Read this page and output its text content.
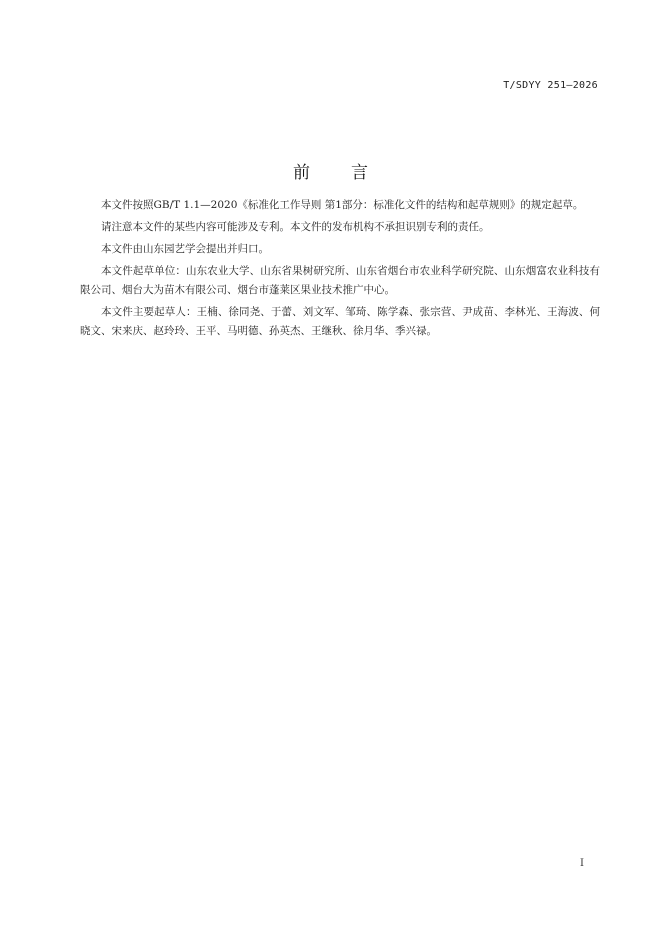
T/SDYY 251—2026
前 言

本文件按照GB/T 1.1—2020《标准化工作导则 第1部分：标准化文件的结构和起草规则》的规定起草。

请注意本文件的某些内容可能涉及专利。本文件的发布机构不承担识别专利的责任。

本文件由山东园艺学会提出并归口。

本文件起草单位：山东农业大学、山东省果树研究所、山东省烟台市农业科学研究院、山东烟富农业科技有限公司、烟台大为苗木有限公司、烟台市蓬莱区果业技术推广中心。

本文件主要起草人：王楠、徐同尧、于蕾、刘文军、邹琦、陈学森、张宗营、尹成苗、李林光、王海波、何晓文、宋来庆、赵玲玲、王平、马明德、孙英杰、王继秋、徐月华、季兴禄。

I
